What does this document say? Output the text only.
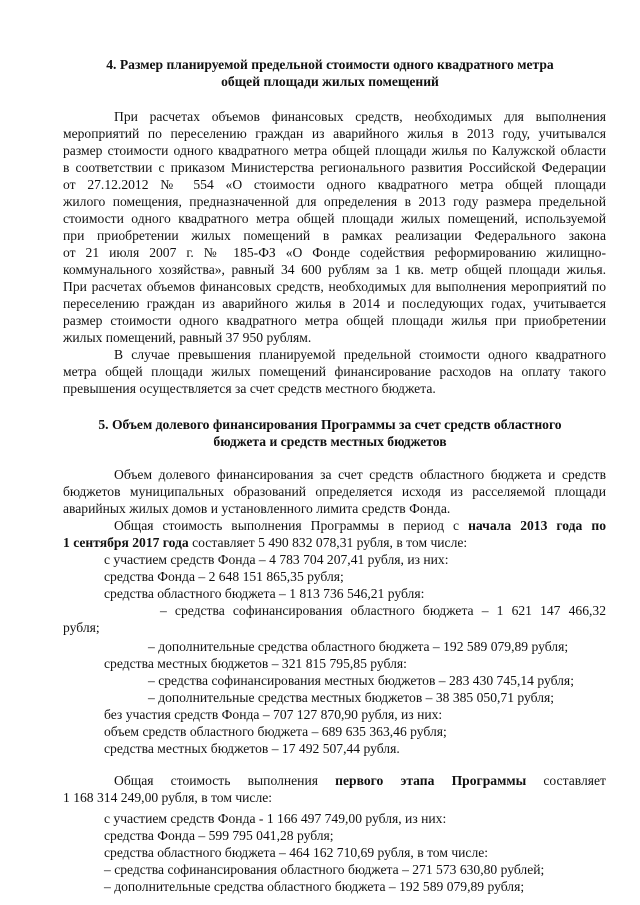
4. Размер планируемой предельной стоимости одного квадратного метра
общей площади жилых помещений
При расчетах объемов финансовых средств, необходимых для выполнения
мероприятий по переселению граждан из аварийного жилья в 2013 году, учитывался
размер стоимости одного квадратного метра общей площади жилья по Калужской области
в соответствии с приказом Министерства регионального развития Российской Федерации
от 27.12.2012 № 554 «О стоимости одного квадратного метра общей площади
жилого помещения, предназначенной для определения в 2013 году размера предельной
стоимости одного квадратного метра общей площади жилых помещений, используемой
при приобретении жилых помещений в рамках реализации Федерального закона
от 21 июля 2007 г. № 185-ФЗ «О Фонде содействия реформированию жилищно-
коммунального хозяйства», равный 34 600 рублям за 1 кв. метр общей площади жилья.
При расчетах объемов финансовых средств, необходимых для выполнения мероприятий по
переселению граждан из аварийного жилья в 2014 и последующих годах, учитывается
размер стоимости одного квадратного метра общей площади жилья при приобретении
жилых помещений, равный 37 950 рублям.
В случае превышения планируемой предельной стоимости одного квадратного
метра общей площади жилых помещений финансирование расходов на оплату такого
превышения осуществляется за счет средств местного бюджета.
5. Объем долевого финансирования Программы за счет средств областного
бюджета и средств местных бюджетов
Объем долевого финансирования за счет средств областного бюджета и средств
бюджетов муниципальных образований определяется исходя из расселяемой площади
аварийных жилых домов и установленного лимита средств Фонда.
Общая стоимость выполнения Программы в период с начала 2013 года по
1 сентября 2017 года составляет 5 490 832 078,31 рубля, в том числе:
с участием средств Фонда – 4 783 704 207,41 рубля, из них:
средства Фонда – 2 648 151 865,35 рубля;
средства областного бюджета – 1 813 736 546,21 рубля:
– средства софинансирования областного бюджета – 1 621 147 466,32
рубля;
– дополнительные средства областного бюджета – 192 589 079,89 рубля;
средства местных бюджетов – 321 815 795,85 рубля:
– средства софинансирования местных бюджетов – 283 430 745,14 рубля;
– дополнительные средства местных бюджетов – 38 385 050,71 рубля;
без участия средств Фонда – 707 127 870,90 рубля, из них:
объем средств областного бюджета – 689 635 363,46 рубля;
средства местных бюджетов – 17 492 507,44 рубля.
Общая стоимость выполнения первого этапа Программы составляет
1 168 314 249,00 рубля, в том числе:
с участием средств Фонда - 1 166 497 749,00 рубля, из них:
средства Фонда – 599 795 041,28 рубля;
средства областного бюджета – 464 162 710,69 рубля, в том числе:
– средства софинансирования областного бюджета – 271 573 630,80 рублей;
– дополнительные средства областного бюджета – 192 589 079,89 рубля;
